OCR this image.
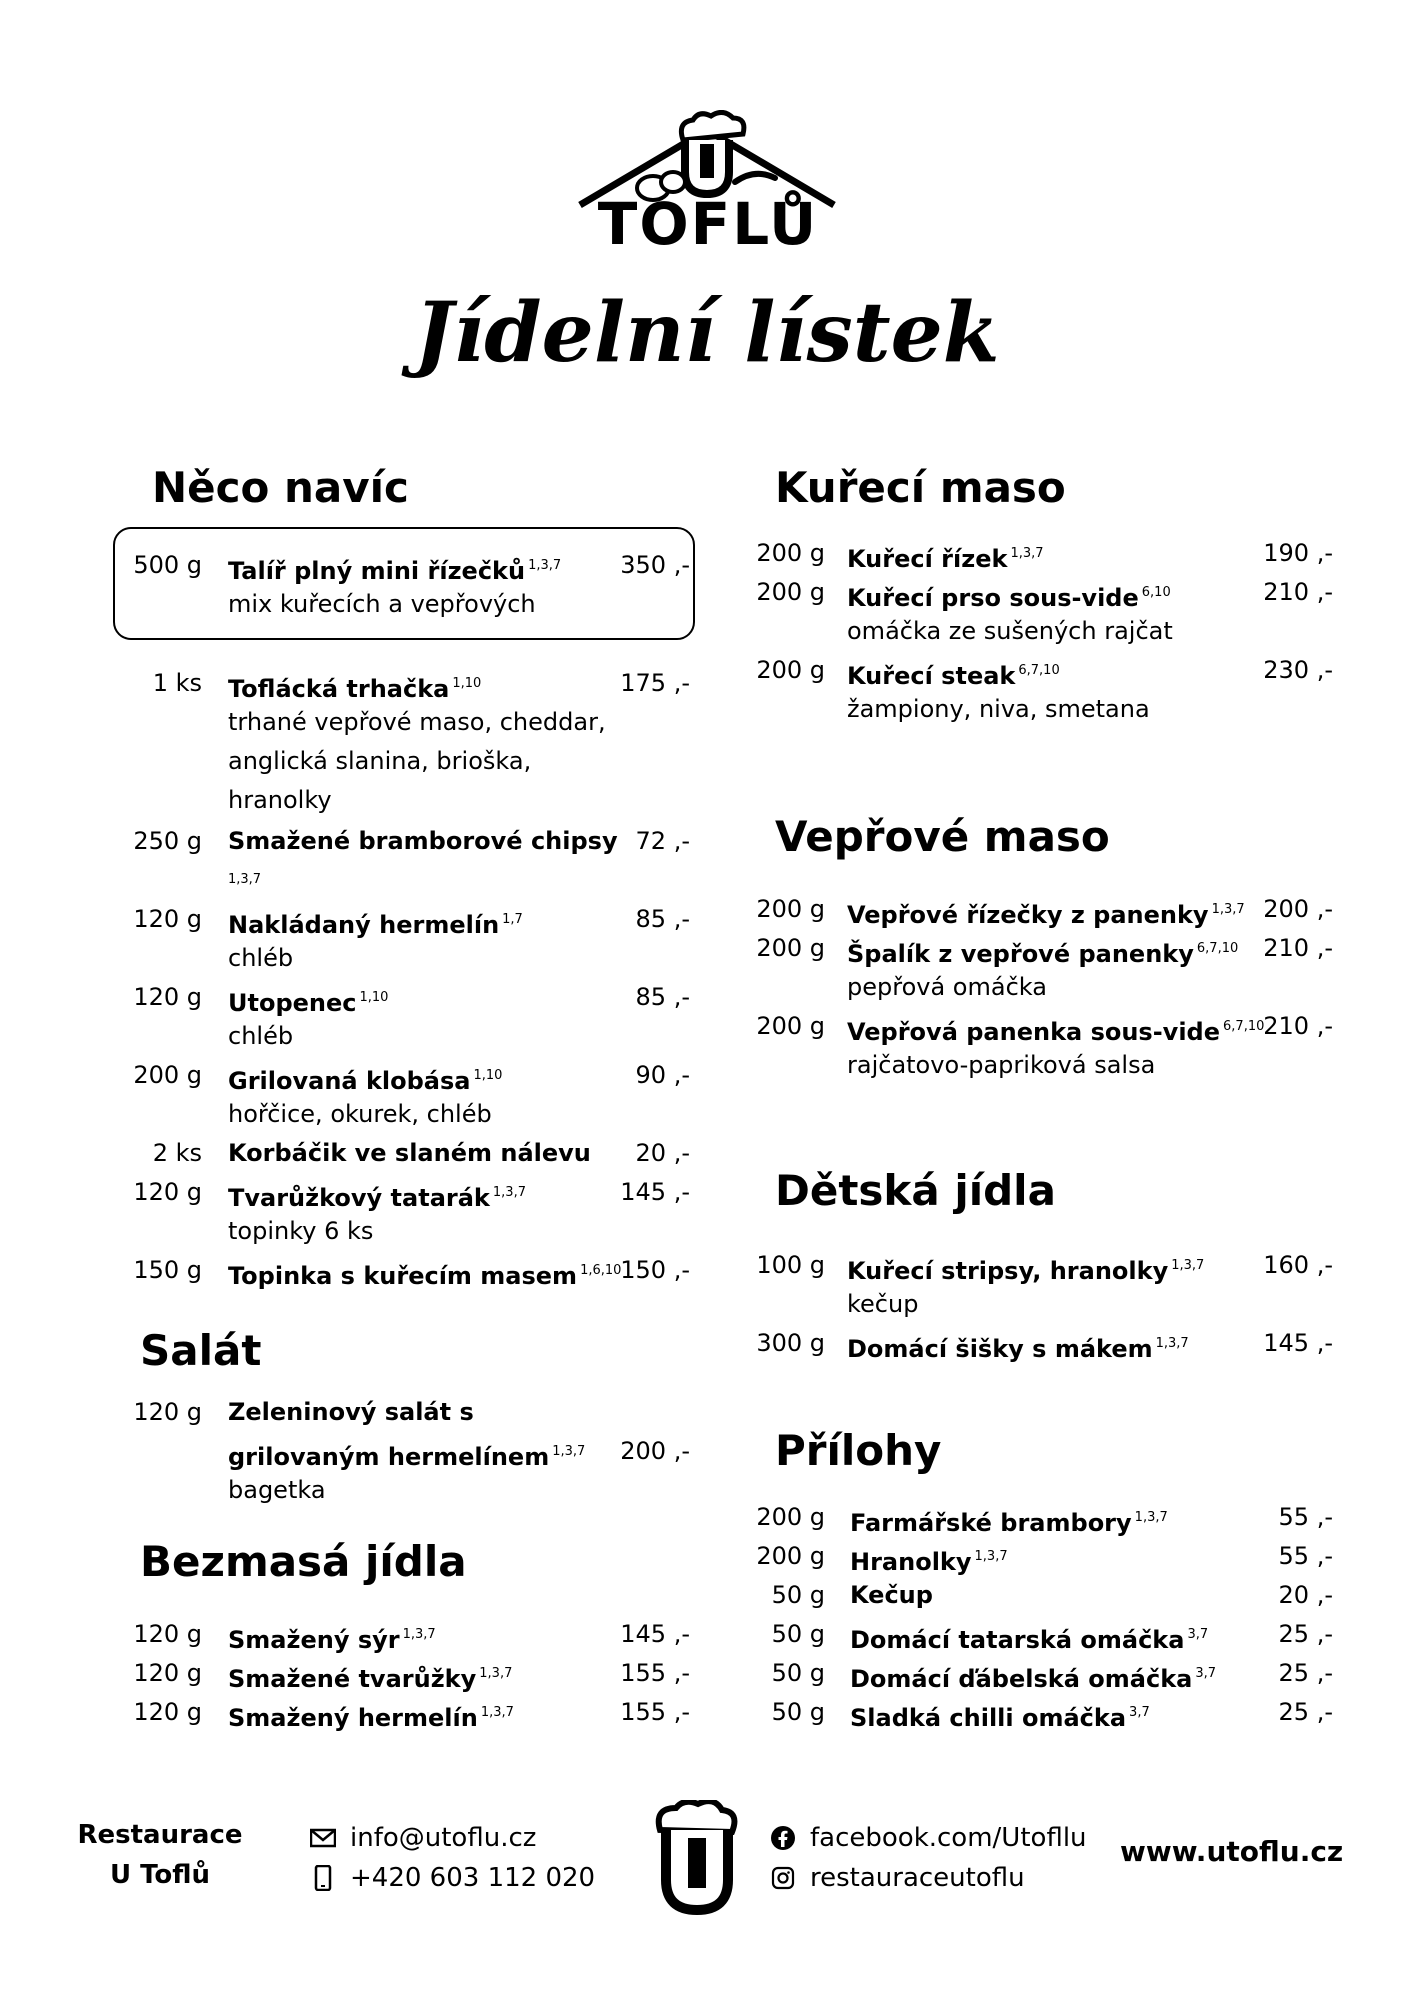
TOFLŮ
Jídelní lístek
Něco navíc
500 g Talíř plný mini řízečků $^{1,3,7}$
mix kuřecích a vepřových
350 ,-
1 ks Toflácká trhačka $^{1,10}$
trhané vepřové maso, cheddar, anglická slanina, brioška, hranolky
175 ,-
250 g Smažené bramborové chipsy
1,3,7
72 ,-
120 g Nakládaný hermelín $^{1,7}$
chléb
85 ,-
120 g Utopenec $^{1,10}$
chléb
85 ,-
200 g Grilovaná klobása $^{1,10}$
hořčice, okurek, chléb
90 ,-
2 ks Korbáčik ve slaném nálevu	20 ,-
120 g Tvarůžkový tatarák $^{1,3,7}$
topinky 6 ks
145 ,-
150 g Topinka s kuřecím masem $^{1,6,10}$
150 ,-
Salát
120 g Zeleninový salát s
grilovaným hermelínem $^{1,3,7}$
bagetka
200 ,-
Bezmasá jídla
120 g Smažený sýr $^{1,3,7}$	145 ,-
120 g Smažené tvarůžky $^{1,3,7}$	155 ,-
120 g Smažený hermelín $^{1,3,7}$	155 ,-
Kuřecí maso
200 g Kuřecí řízek $^{1,3,7}$	190 ,-
200 g Kuřecí prso sous-vide $^{6,10}$
omáčka ze sušených rajčat
210 ,-
200 g Kuřecí steak $^{6,7,10}$
žampiony, niva, smetana
230 ,-
Vepřové maso
200 g Vepřové řízečky z panenky $^{1,3,7}$ 200 ,-
200 g Špalík z vepřové panenky $^{6,7,10}$
pepřová omáčka
210 ,-
200 g Vepřová panenka sous-vide $^{6,7,10}$
rajčatovo-papriková salsa
210 ,-
Dětská jídla
100 g Kuřecí stripsy, hranolky $^{1,3,7}$
kečup
160 ,-
300 g Domácí šišky s mákem $^{1,3,7}$	145 ,-
Přílohy
200 g Farmářské brambory $^{1,3,7}$	55 ,-
200 g Hranolky $^{1,3,7}$	55 ,-
50 g Kečup	20 ,-
50 g Domácí tatarská omáčka $^{3,7}$	25 ,-
50 g Domácí ďábelská omáčka $^{3,7}$	25 ,-
50 g Sladká chilli omáčka $^{3,7}$	25 ,-
Restaurace
U Toflů
info@utoflu.cz
+420 603 112 020
facebook.com/Utofllu
restauraceutoflu
www.utoflu.cz
